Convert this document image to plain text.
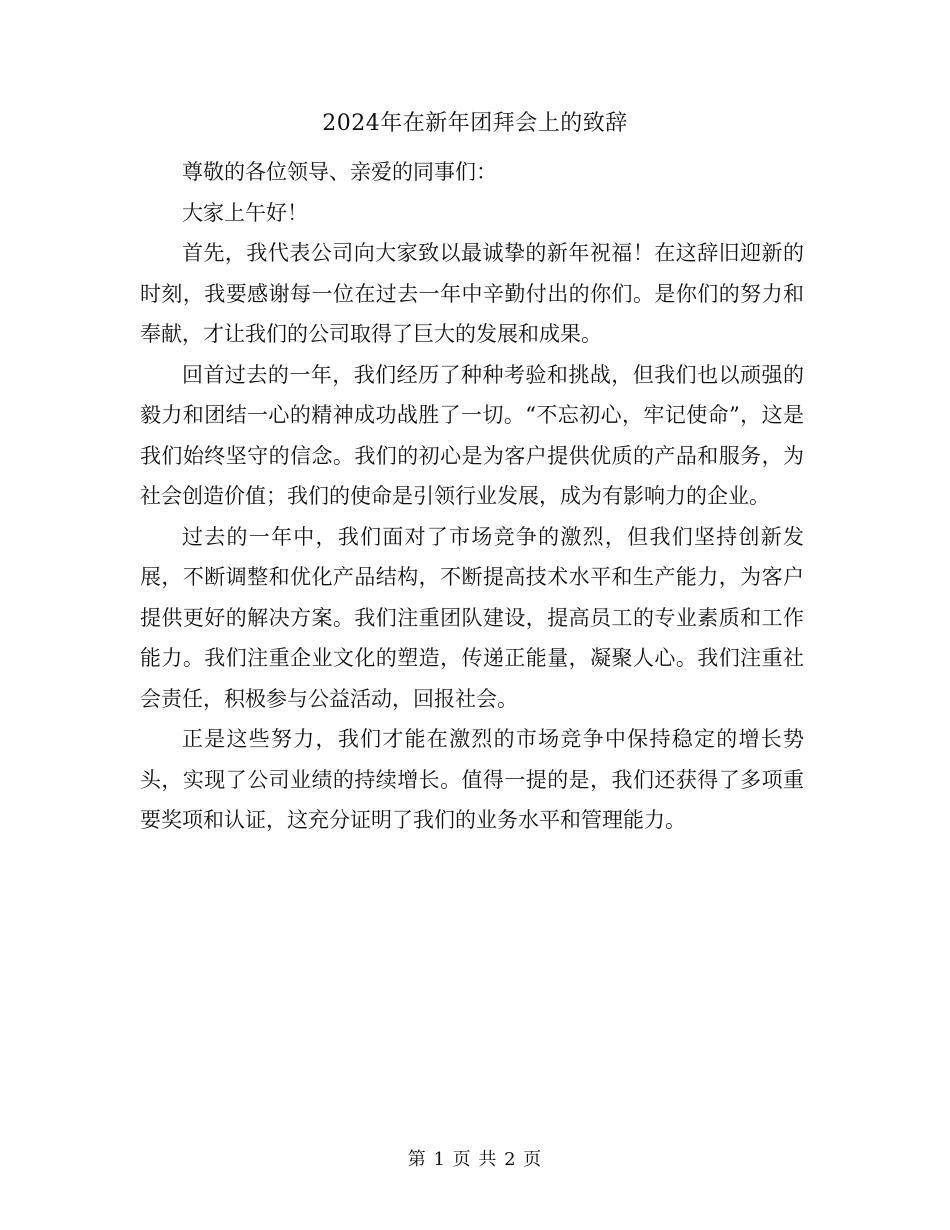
2024年在新年团拜会上的致辞

尊敬的各位领导、亲爱的同事们：

大家上午好！

首先，我代表公司向大家致以最诚挚的新年祝福！在这辞旧迎新的时刻，我要感谢每一位在过去一年中辛勤付出的你们。是你们的努力和奉献，才让我们的公司取得了巨大的发展和成果。

回首过去的一年，我们经历了种种考验和挑战，但我们也以顽强的毅力和团结一心的精神成功战胜了一切。“不忘初心，牢记使命”，这是我们始终坚守的信念。我们的初心是为客户提供优质的产品和服务，为社会创造价值；我们的使命是引领行业发展，成为有影响力的企业。

过去的一年中，我们面对了市场竞争的激烈，但我们坚持创新发展，不断调整和优化产品结构，不断提高技术水平和生产能力，为客户提供更好的解决方案。我们注重团队建设，提高员工的专业素质和工作能力。我们注重企业文化的塑造，传递正能量，凝聚人心。我们注重社会责任，积极参与公益活动，回报社会。

正是这些努力，我们才能在激烈的市场竞争中保持稳定的增长势头，实现了公司业绩的持续增长。值得一提的是，我们还获得了多项重要奖项和认证，这充分证明了我们的业务水平和管理能力。

第 1 页 共 2 页
